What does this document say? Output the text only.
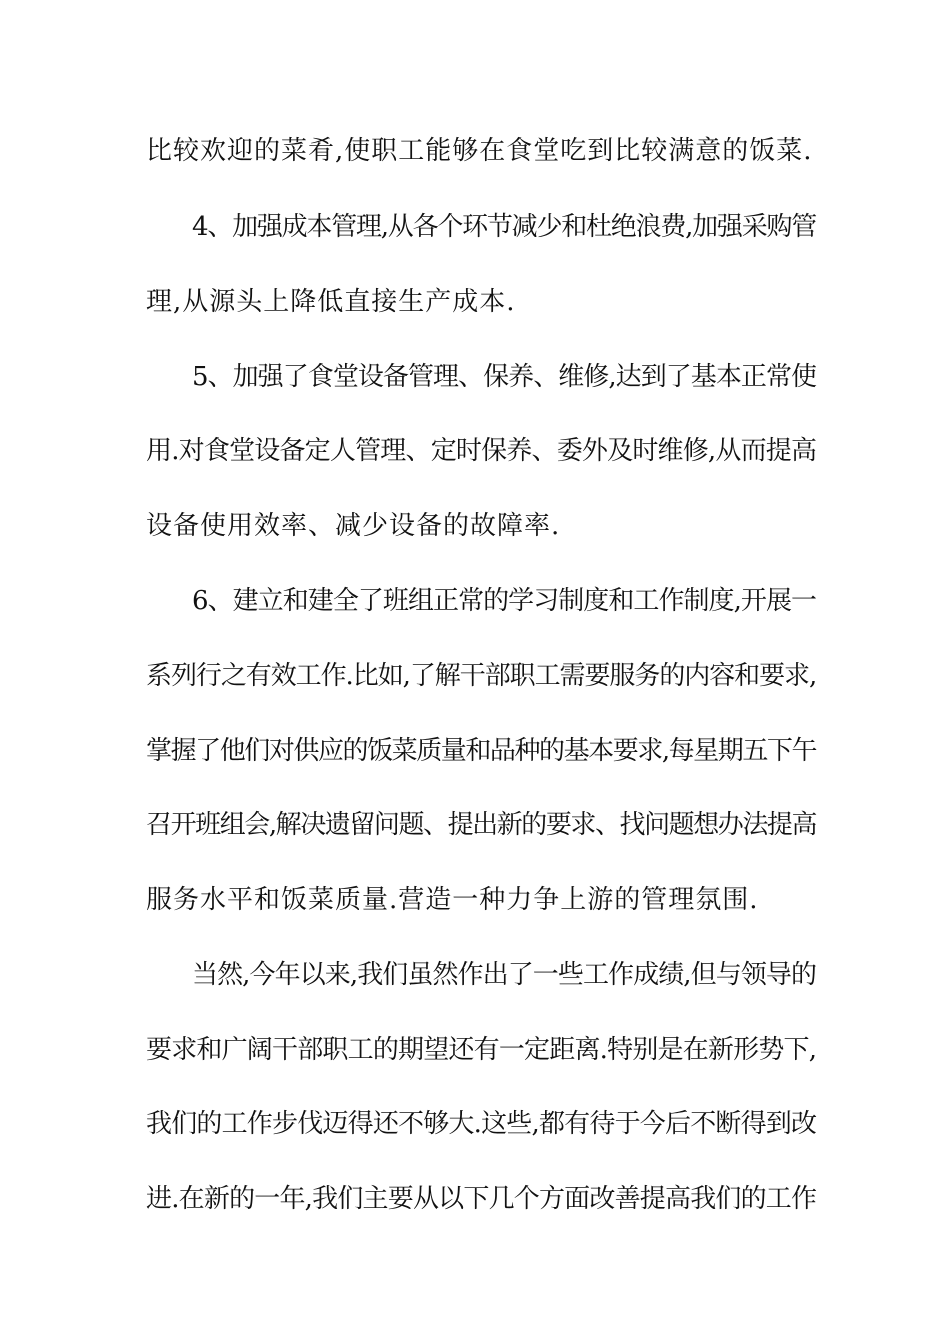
比较欢迎的菜肴,使职工能够在食堂吃到比较满意的饭菜.
4、加强成本管理,从各个环节减少和杜绝浪费,加强采购管
理,从源头上降低直接生产成本.
5、加强了食堂设备管理、保养、维修,达到了基本正常使
用.对食堂设备定人管理、定时保养、委外及时维修,从而提高
设备使用效率、减少设备的故障率.
6、建立和建全了班组正常的学习制度和工作制度,开展一
系列行之有效工作.比如,了解干部职工需要服务的内容和要求,
掌握了他们对供应的饭菜质量和品种的基本要求,每星期五下午
召开班组会,解决遗留问题、提出新的要求、找问题想办法提高
服务水平和饭菜质量.营造一种力争上游的管理氛围.
当然,今年以来,我们虽然作出了一些工作成绩,但与领导的
要求和广阔干部职工的期望还有一定距离.特别是在新形势下,
我们的工作步伐迈得还不够大.这些,都有待于今后不断得到改
进.在新的一年,我们主要从以下几个方面改善提高我们的工作
